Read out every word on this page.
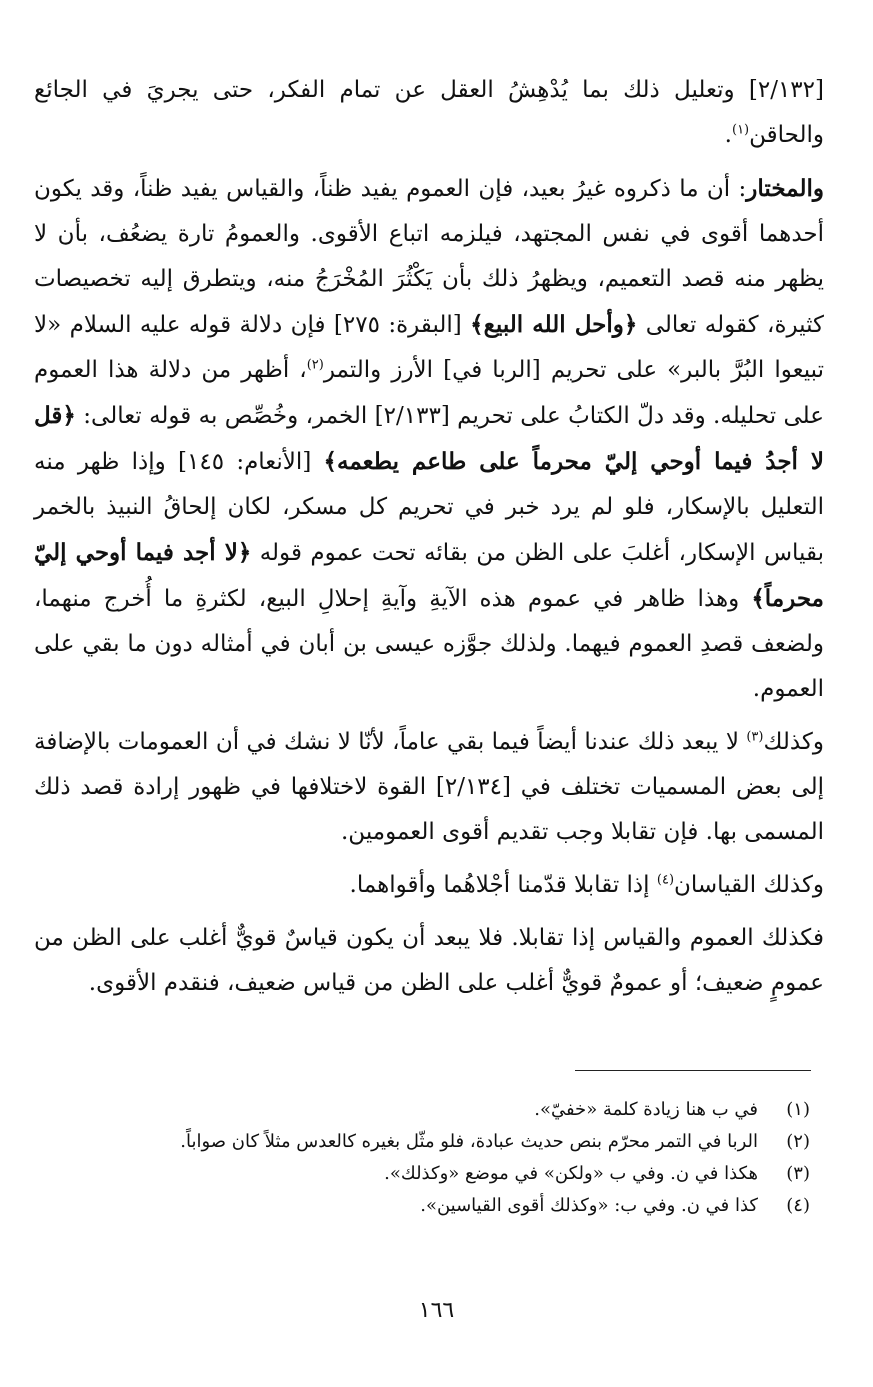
[٢/١٣٢] وتعليل ذلك بما يُدْهِشُ العقل عن تمام الفكر، حتى يجريَ في الجائع والحاقن$^{(١)}$.

والمختار: أن ما ذكروه غيرُ بعيد، فإن العموم يفيد ظناً، والقياس يفيد ظناً، وقد يكون أحدهما أقوى في نفس المجتهد، فيلزمه اتباع الأقوى. والعمومُ تارة يضعُف، بأن لا يظهر منه قصد التعميم، ويظهرُ ذلك بأن يَكْثُرَ المُخْرَجُ منه، ويتطرق إليه تخصيصات كثيرة، كقوله تعالى ﴿وأحل الله البيع﴾ [البقرة: ٢٧٥] فإن دلالة قوله عليه السلام «لا تبيعوا البُرَّ بالبر» على تحريم [الربا في] الأرز والتمر$^{(٢)}$، أظهر من دلالة هذا العموم على تحليله. وقد دلّ الكتابُ على تحريم [٢/١٣٣] الخمر، وخُصِّص به قوله تعالى: ﴿قل لا أجدُ فيما أوحي إليّ محرماً على طاعم يطعمه﴾ [الأنعام: ١٤٥] وإذا ظهر منه التعليل بالإسكار، فلو لم يرد خبر في تحريم كل مسكر، لكان إلحاقُ النبيذ بالخمر بقياس الإسكار، أغلبَ على الظن من بقائه تحت عموم قوله ﴿لا أجد فيما أوحي إليّ محرماً﴾ وهذا ظاهر في عموم هذه الآيةِ وآيةِ إحلالِ البيع، لكثرةِ ما أُخرج منهما، ولضعف قصدِ العموم فيهما. ولذلك جوَّزه عيسى بن أبان في أمثاله دون ما بقي على العموم.

وكذلك$^{(٣)}$ لا يبعد ذلك عندنا أيضاً فيما بقي عاماً، لأنّا لا نشك في أن العمومات بالإضافة إلى بعض المسميات تختلف في [٢/١٣٤] القوة لاختلافها في ظهور إرادة قصد ذلك المسمى بها. فإن تقابلا وجب تقديم أقوى العمومين.

وكذلك القياسان$^{(٤)}$ إذا تقابلا قدّمنا أجْلاهُما وأقواهما.

فكذلك العموم والقياس إذا تقابلا. فلا يبعد أن يكون قياسٌ قويٌّ أغلب على الظن من عمومٍ ضعيف؛ أو عمومٌ قويٌّ أغلب على الظن من قياس ضعيف، فنقدم الأقوى.

(١)
في ب هنا زيادة كلمة «خفيّ».
(٢)
الربا في التمر محرّم بنص حديث عبادة، فلو مثّل بغيره كالعدس مثلاً كان صواباً.
(٣)
هكذا في ن. وفي ب «ولكن» في موضع «وكذلك».
(٤)
كذا في ن. وفي ب: «وكذلك أقوى القياسين».
١٦٦
